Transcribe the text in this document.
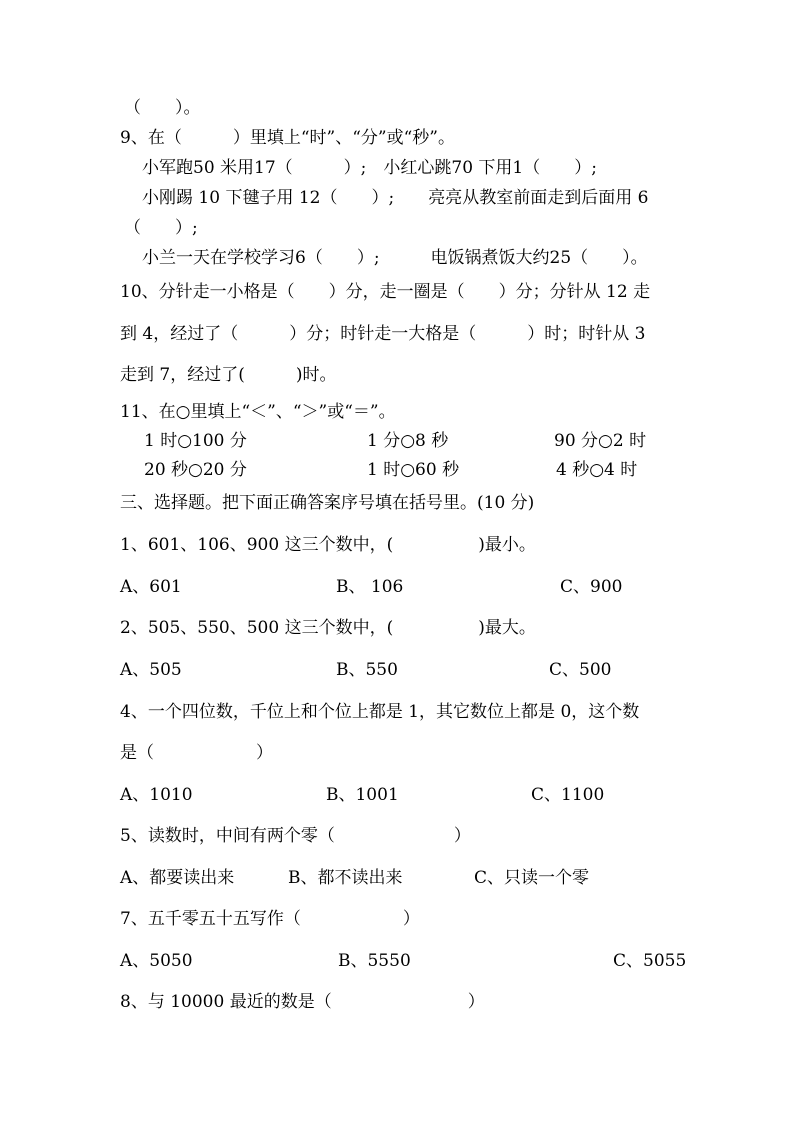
（　　）。
9、在（　　　）里填上“时”、“分”或“秒”。
小军跑50 米用17（　　　）;　小红心跳70 下用1（　　）;
小刚踢 10 下毽子用 12（　　）;　　亮亮从教室前面走到后面用 6
（　　）;
小兰一天在学校学习6（　　）;　　　电饭锅煮饭大约25（　　）。
10、分针走一小格是（　　）分，走一圈是（　　）分；分针从 12 走
到 4，经过了（　　　）分；时针走一大格是（　　　）时；时针从 3
走到 7，经过了(　　　)时。
11、在○里填上“＜”、“＞”或“＝”。
1 时○100 分	1 分○8 秒	90 分○2 时
20 秒○20 分	1 时○60 秒	4 秒○4 时
三、选择题。把下面正确答案序号填在括号里。(10 分)
1、601、106、900 这三个数中，(　　　　　)最小。
A、601	B、 106	C、900
2、505、550、500 这三个数中，(　　　　　)最大。
A、505	B、550	C、500
4、一个四位数，千位上和个位上都是 1，其它数位上都是 0，这个数
是（　　　　　　）
A、1010	B、1001	C、1100
5、读数时，中间有两个零（　　　　　　　）
A、都要读出来	B、都不读出来	C、只读一个零
7、五千零五十五写作（　　　　　　）
A、5050	B、5550	C、5055
8、与 10000 最近的数是（　　　　　　　　）
